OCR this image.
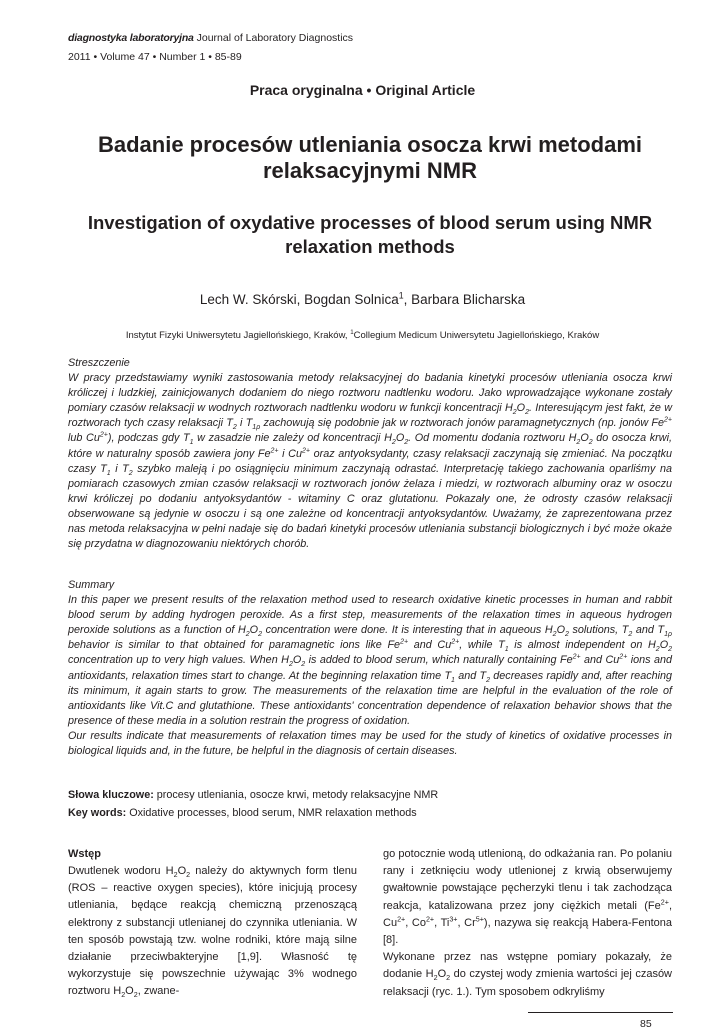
diagnostyka laboratoryjna Journal of Laboratory Diagnostics
2011 • Volume 47 • Number 1 • 85-89
Praca oryginalna • Original Article
Badanie procesów utleniania osocza krwi metodami relaksacyjnymi NMR
Investigation of oxydative processes of blood serum using NMR relaxation methods
Lech W. Skórski, Bogdan Solnica$^1$, Barbara Blicharska
Instytut Fizyki Uniwersytetu Jagiellońskiego, Kraków, $^1$Collegium Medicum Uniwersytetu Jagiellońskiego, Kraków
Streszczenie

W pracy przedstawiamy wyniki zastosowania metody relaksacyjnej do badania kinetyki procesów utleniania osocza krwi króliczej i ludzkiej, zainicjowanych dodaniem do niego roztworu nadtlenku wodoru. Jako wprowadzające wykonane zostały pomiary czasów relaksacji w wodnych roztworach nadtlenku wodoru w funkcji koncentracji $H_2O_2$. Interesującym jest fakt, że w roztworach tych czasy relaksacji $T_2$ i $T_{1\rho}$ zachowują się podobnie jak w roztworach jonów paramagnetycznych (np. jonów $Fe^{2+}$ lub $Cu^{2+}$), podczas gdy $T_1$ w zasadzie nie zależy od koncentracji $H_2O_2$. Od momentu dodania roztworu $H_2O_2$ do osocza krwi, które w naturalny sposób zawiera jony $Fe^{2+}$ i $Cu^{2+}$ oraz antyoksydanty, czasy relaksacji zaczynają się zmieniać. Na początku czasy $T_1$ i $T_2$ szybko maleją i po osiągnięciu minimum zaczynają odrastać. Interpretację takiego zachowania oparliśmy na pomiarach czasowych zmian czasów relaksacji w roztworach jonów żelaza i miedzi, w roztworach albuminy oraz w osoczu krwi króliczej po dodaniu antyoksydantów - witaminy C oraz glutationu. Pokazały one, że odrosty czasów relaksacji obserwowane są jedynie w osoczu i są one zależne od koncentracji antyoksydantów. Uważamy, że zaprezentowana przez nas metoda relaksacyjna w pełni nadaje się do badań kinetyki procesów utleniania substancji biologicznych i być może okaże się przydatna w diagnozowaniu niektórych chorób.

Summary

In this paper we present results of the relaxation method used to research oxidative kinetic processes in human and rabbit blood serum by adding hydrogen peroxide. As a first step, measurements of the relaxation times in aqueous hydrogen peroxide solutions as a function of $H_2O_2$ concentration were done. It is interesting that in aqueous $H_2O_2$ solutions, $T_2$ and $T_{1\rho}$ behavior is similar to that obtained for paramagnetic ions like $Fe^{2+}$ and $Cu^{2+}$, while $T_1$ is almost independent on $H_2O_2$ concentration up to very high values. When $H_2O_2$ is added to blood serum, which naturally containing $Fe^{2+}$ and $Cu^{2+}$ ions and antioxidants, relaxation times start to change. At the beginning relaxation time $T_1$ and $T_2$ decreases rapidly and, after reaching its minimum, it again starts to grow. The measurements of the relaxation time are helpful in the evaluation of the role of antioxidants like Vit.C and glutathione. These antioxidants' concentration dependence of relaxation behavior shows that the presence of these media in a solution restrain the progress of oxidation.

Our results indicate that measurements of relaxation times may be used for the study of kinetics of oxidative processes in biological liquids and, in the future, be helpful in the diagnosis of certain diseases.

Słowa kluczowe: procesy utleniania, osocze krwi, metody relaksacyjne NMR
Key words: Oxidative processes, blood serum, NMR relaxation methods
Wstęp

Dwutlenek wodoru $H_2O_2$ należy do aktywnych form tlenu (ROS – reactive oxygen species), które inicjują procesy utleniania, będące reakcją chemiczną przenoszącą elektrony z substancji utlenianej do czynnika utleniania. W ten sposób powstają tzw. wolne rodniki, które mają silne działanie przeciwbakteryjne [1,9]. Własność tę wykorzystuje się powszechnie używając 3% wodnego roztworu $H_2O_2$, zwane-

go potocznie wodą utlenioną, do odkażania ran. Po polaniu rany i zetknięciu wody utlenionej z krwią obserwujemy gwałtownie powstające pęcherzyki tlenu i tak zachodząca reakcja, katalizowana przez jony ciężkich metali ($Fe^{2+}$, $Cu^{2+}$, $Co^{2+}$, $Ti^{3+}$, $Cr^{5+}$), nazywa się reakcją Habera-Fentona [8].

Wykonane przez nas wstępne pomiary pokazały, że dodanie $H_2O_2$ do czystej wody zmienia wartości jej czasów relaksacji (ryc. 1.). Tym sposobem odkryliśmy

85
